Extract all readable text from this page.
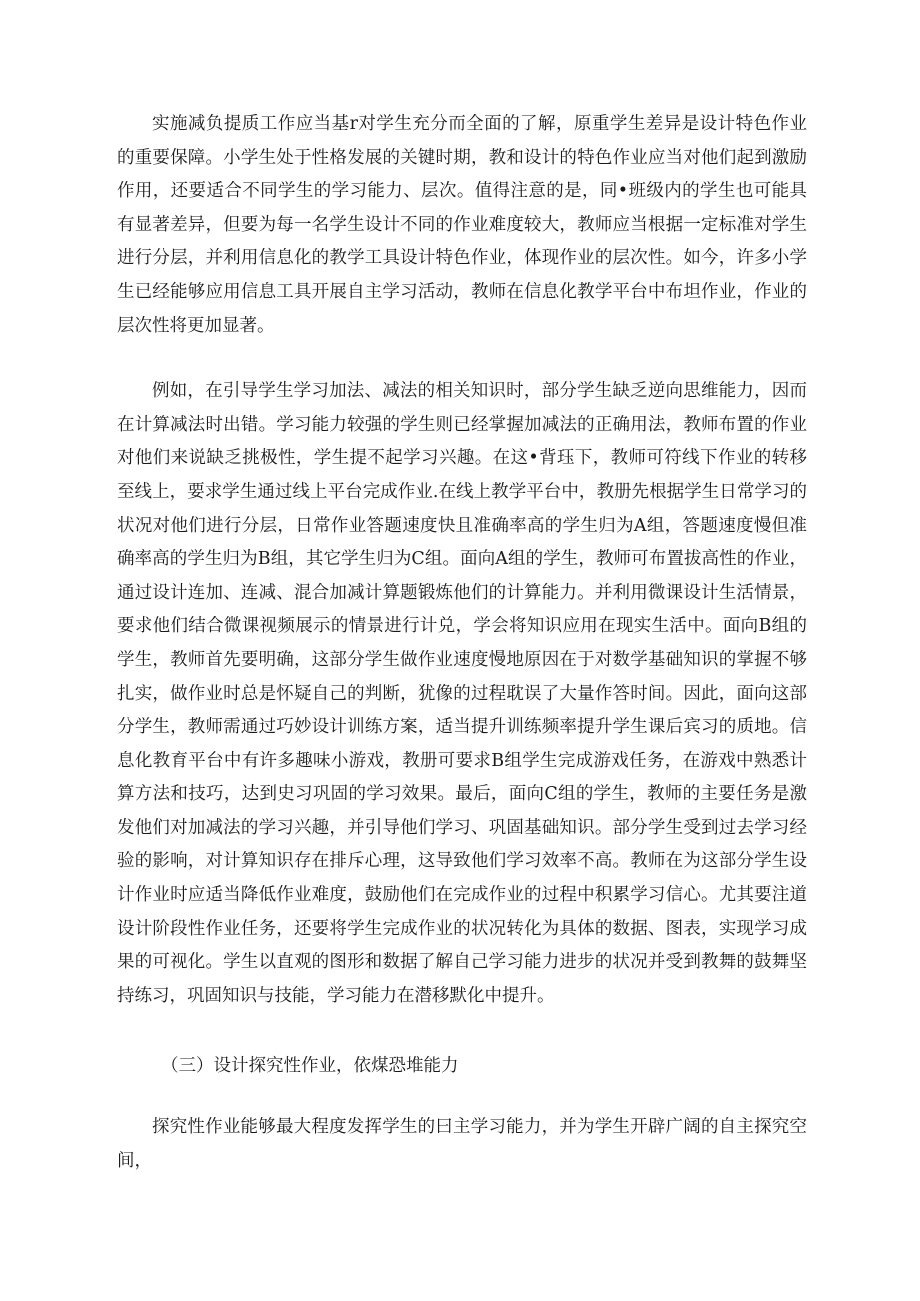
实施减负提质工作应当基r对学生充分而全面的了解，原重学生差异是设计特色作业的重要保障。小学生处于性格发展的关键时期，教和设计的特色作业应当对他们起到激励作用，还要适合不同学生的学习能力、层次。值得注意的是，同•班级内的学生也可能具有显著差异，但要为每一名学生设计不同的作业难度较大，教师应当根据一定标准对学生进行分层，并利用信息化的教学工具设计特色作业，体现作业的层次性。如今，许多小学生已经能够应用信息工具开展自主学习活动，教师在信息化教学平台中布坦作业，作业的层次性将更加显著。

例如，在引导学生学习加法、减法的相关知识时，部分学生缺乏逆向思维能力，因而在计算减法时出错。学习能力较强的学生则已经掌握加减法的正确用法，教师布置的作业对他们来说缺乏挑极性，学生提不起学习兴趣。在这•背珏下，教师可符线下作业的转移至线上，要求学生通过线上平台完成作业.在线上教学平台中，教册先根据学生日常学习的状况对他们进行分层，日常作业答题速度快且准确率高的学生归为A组，答题速度慢但准确率高的学生归为B组，其它学生归为C组。面向A组的学生，教师可布置拔高性的作业，通过设计连加、连减、混合加减计算题锻炼他们的计算能力。并利用微课设计生活情景，要求他们结合微课视频展示的情景进行计兑，学会将知识应用在现实生活中。面向B组的学生，教师首先要明确，这部分学生做作业速度慢地原因在于对数学基础知识的掌握不够扎实，做作业时总是怀疑自己的判断，犹像的过程耽误了大量作答时间。因此，面向这部分学生，教师需通过巧妙设计训练方案，适当提升训练频率提升学生课后宾习的质地。信息化教育平台中有许多趣味小游戏，教册可要求B组学生完成游戏任务，在游戏中熟悉计算方法和技巧，达到史习巩固的学习效果。最后，面向C组的学生，教师的主要任务是激发他们对加减法的学习兴趣，并引导他们学习、巩固基础知识。部分学生受到过去学习经验的影响，对计算知识存在排斥心理，这导致他们学习效率不高。教师在为这部分学生设计作业时应适当降低作业难度，鼓励他们在完成作业的过程中积累学习信心。尤其要注道设计阶段性作业任务，还要将学生完成作业的状况转化为具体的数据、图表，实现学习成果的可视化。学生以直观的图形和数据了解自己学习能力进步的状况并受到教舞的鼓舞坚持练习，巩固知识与技能，学习能力在潜移默化中提升。

（三）设计探究性作业，依煤恐堆能力

探究性作业能够最大程度发挥学生的曰主学习能力，并为学生开辟广阔的自主探究空间，
